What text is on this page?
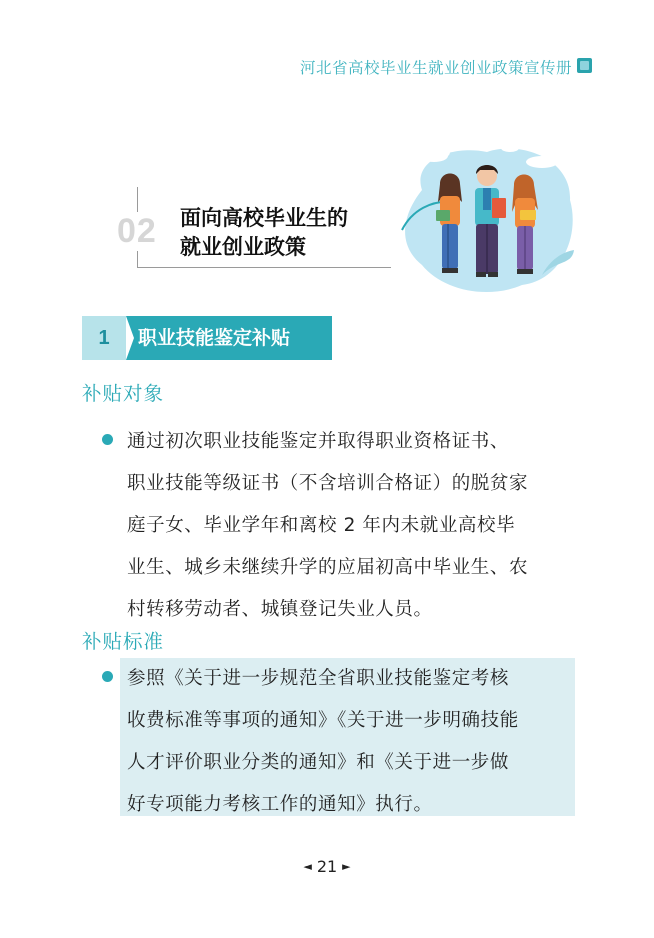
河北省高校毕业生就业创业政策宣传册
02 面向高校毕业生的
就业创业政策
1	职业技能鉴定补贴
补贴对象
通过初次职业技能鉴定并取得职业资格证书、
职业技能等级证书（不含培训合格证）的脱贫家
庭子女、毕业学年和离校 2 年内未就业高校毕
业生、城乡未继续升学的应届初高中毕业生、农
村转移劳动者、城镇登记失业人员。
补贴标准
参照《关于进一步规范全省职业技能鉴定考核
收费标准等事项的通知》《关于进一步明确技能
人才评价职业分类的通知》和《关于进一步做
好专项能力考核工作的通知》执行。
◄ 21 ►
